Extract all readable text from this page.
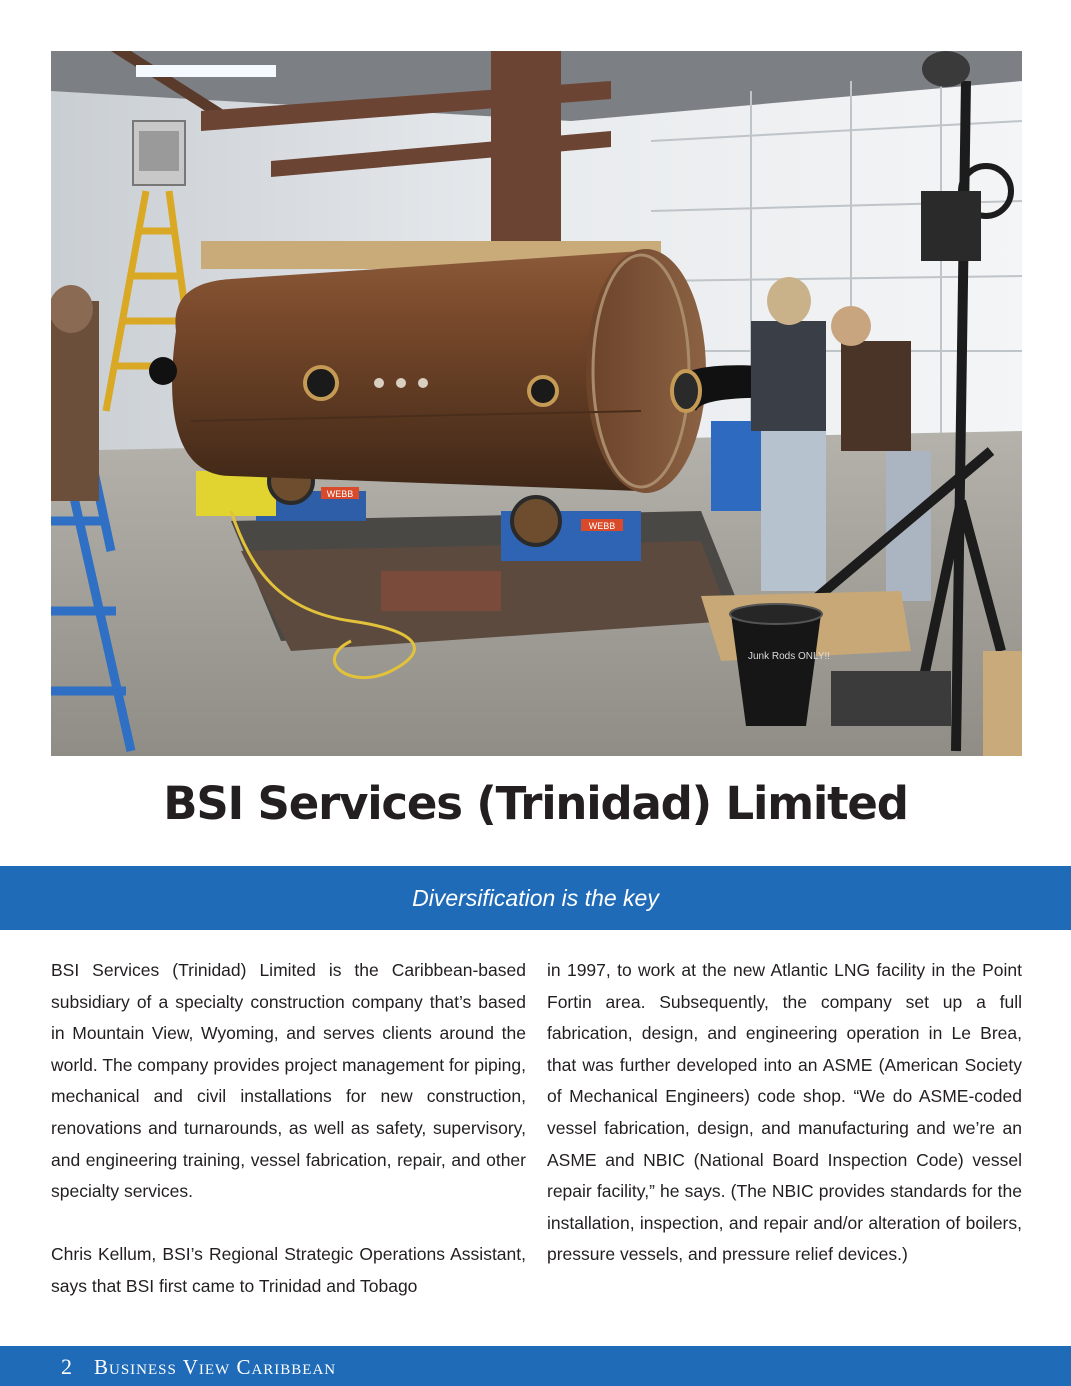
WEBB
WEBB
Junk Rods ONLY!!
BSI Services (Trinidad) Limited
Diversification is the key

BSI Services (Trinidad) Limited is the Caribbean-based subsidiary of a specialty construction company that’s based in Mountain View, Wyoming, and serves clients around the world. The company provides project management for piping, mechanical and civil installations for new construction, renovations and turnarounds, as well as safety, supervisory, and engineering training, vessel fabrication, repair, and other specialty services.

Chris Kellum, BSI’s Regional Strategic Operations Assistant, says that BSI first came to Trinidad and Tobago

in 1997, to work at the new Atlantic LNG facility in the Point Fortin area. Subsequently, the company set up a full fabrication, design, and engineering operation in Le Brea, that was further developed into an ASME (American Society of Mechanical Engineers) code shop. “We do ASME-coded vessel fabrication, design, and manufacturing and we’re an ASME and NBIC (National Board Inspection Code) vessel repair facility,” he says. (The NBIC provides standards for the installation, inspection, and repair and/or alteration of boilers, pressure vessels, and pressure relief devices.)

2 Business View Caribbean
